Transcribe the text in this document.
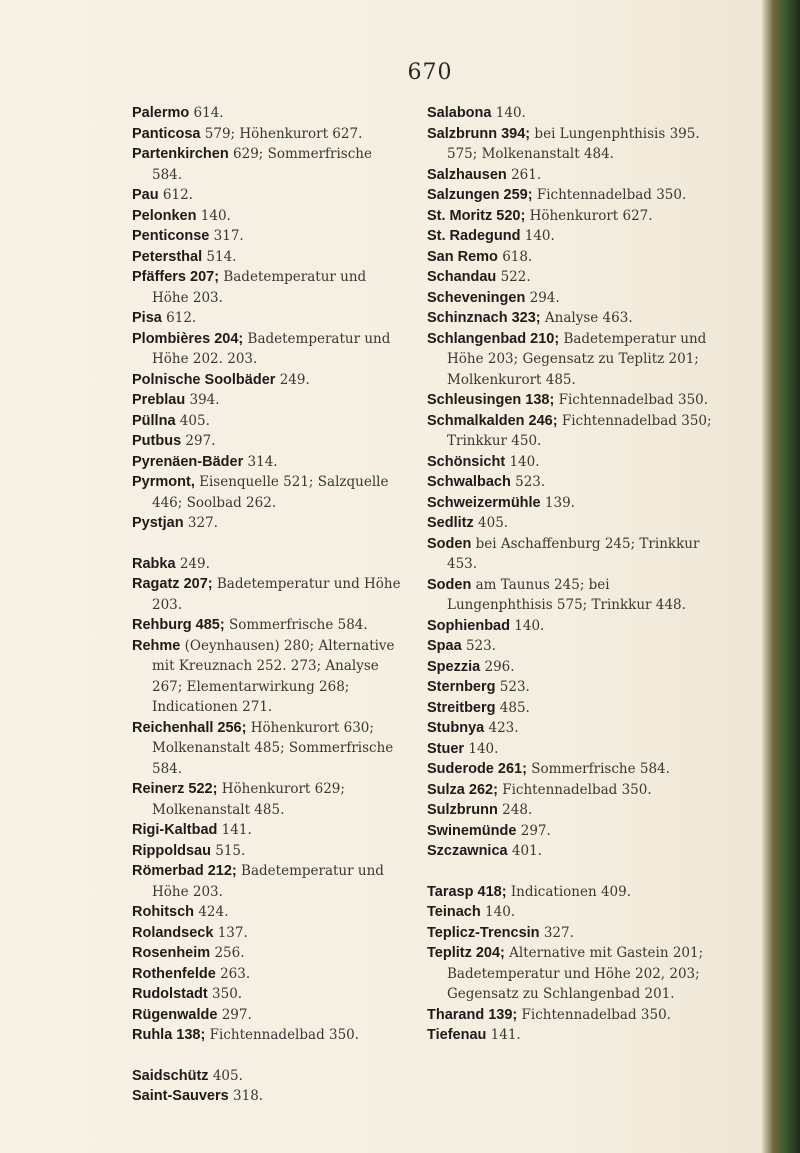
670
Palermo 614.
Panticosa 579; Höhenkurort 627.
Partenkirchen 629; Sommerfrische 584.
Pau 612.
Pelonken 140.
Penticonse 317.
Petersthal 514.
Pfäffers 207; Badetemperatur und Höhe 203.
Pisa 612.
Plombières 204; Badetemperatur und Höhe 202. 203.
Polnische Soolbäder 249.
Preblau 394.
Püllna 405.
Putbus 297.
Pyrenäen-Bäder 314.
Pyrmont, Eisenquelle 521; Salzquelle 446; Soolbad 262.
Pystjan 327.
Rabka 249.
Ragatz 207; Badetemperatur und Höhe 203.
Rehburg 485; Sommerfrische 584.
Rehme (Oeynhausen) 280; Alternative mit Kreuznach 252. 273; Analyse 267; Elementarwirkung 268; Indicationen 271.
Reichenhall 256; Höhenkurort 630; Molkenanstalt 485; Sommerfrische 584.
Reinerz 522; Höhenkurort 629; Molkenanstalt 485.
Rigi-Kaltbad 141.
Rippoldsau 515.
Römerbad 212; Badetemperatur und Höhe 203.
Rohitsch 424.
Rolandseck 137.
Rosenheim 256.
Rothenfelde 263.
Rudolstadt 350.
Rügenwalde 297.
Ruhla 138; Fichtennadelbad 350.
Saidschütz 405.
Saint-Sauvers 318.
Salabona 140.
Salzbrunn 394; bei Lungenphthisis 395. 575; Molkenanstalt 484.
Salzhausen 261.
Salzungen 259; Fichtennadelbad 350.
St. Moritz 520; Höhenkurort 627.
St. Radegund 140.
San Remo 618.
Schandau 522.
Scheveningen 294.
Schinznach 323; Analyse 463.
Schlangenbad 210; Badetemperatur und Höhe 203; Gegensatz zu Teplitz 201; Molkenkurort 485.
Schleusingen 138; Fichtennadelbad 350.
Schmalkalden 246; Fichtennadelbad 350; Trinkkur 450.
Schönsicht 140.
Schwalbach 523.
Schweizermühle 139.
Sedlitz 405.
Soden bei Aschaffenburg 245; Trinkkur 453.
Soden am Taunus 245; bei Lungenphthisis 575; Trinkkur 448.
Sophienbad 140.
Spaa 523.
Spezzia 296.
Sternberg 523.
Streitberg 485.
Stubnya 423.
Stuer 140.
Suderode 261; Sommerfrische 584.
Sulza 262; Fichtennadelbad 350.
Sulzbrunn 248.
Swinemünde 297.
Szczawnica 401.
Tarasp 418; Indicationen 409.
Teinach 140.
Teplicz-Trencsin 327.
Teplitz 204; Alternative mit Gastein 201; Badetemperatur und Höhe 202, 203; Gegensatz zu Schlangenbad 201.
Tharand 139; Fichtennadelbad 350.
Tiefenau 141.
